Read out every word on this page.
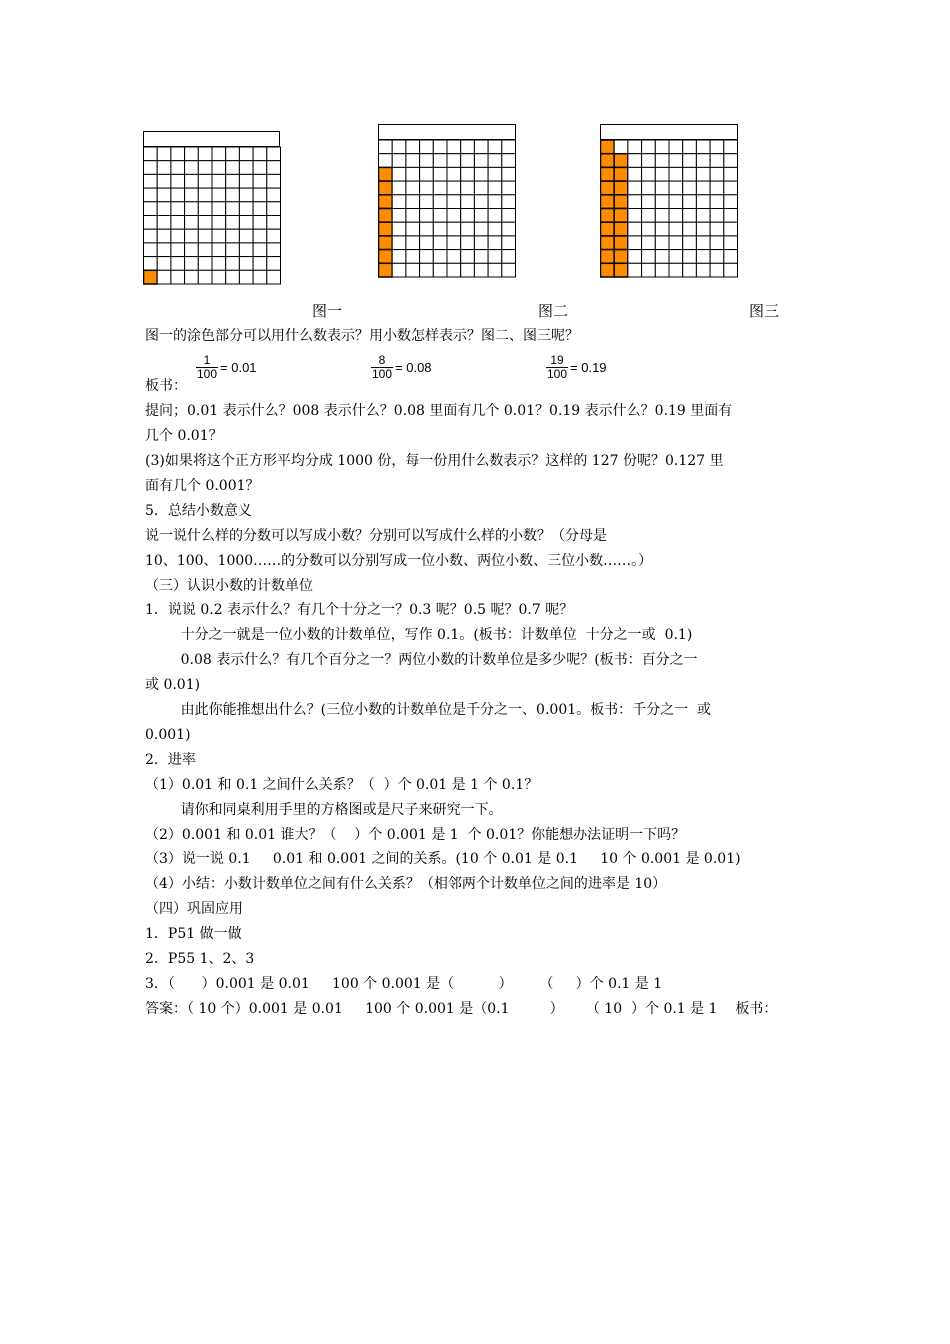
图一	图二	图三
$\frac{1}{100} = 0.01$	$\frac{8}{100} = 0.08$	$\frac{19}{100} = 0.19$
图一的涂色部分可以用什么数表示？用小数怎样表示？图二、图三呢？
板书：
提问；0.01 表示什么？008 表示什么？0.08 里面有几个 0.01？0.19 表示什么？0.19 里面有
几个 0.01？
(3)如果将这个正方形平均分成 1000 份，每一份用什么数表示？这样的 127 份呢？0.127 里
面有几个 0.001？
5．总结小数意义
说一说什么样的分数可以写成小数？分别可以写成什么样的小数？（分母是
10、100、1000……的分数可以分别写成一位小数、两位小数、三位小数……。）
（三）认识小数的计数单位
1．说说 0.2 表示什么？有几个十分之一？0.3 呢？0.5 呢？0.7 呢？
十分之一就是一位小数的计数单位，写作 0.1。(板书：计数单位  十分之一或  0.1)
0.08 表示什么？有几个百分之一？两位小数的计数单位是多少呢？(板书：百分之一
或 0.01)
由此你能推想出什么？(三位小数的计数单位是千分之一、0.001。板书：千分之一  或
0.001)
2．进率
（1）0.01 和 0.1 之间什么关系？（  ）个 0.01 是 1 个 0.1？
请你和同桌利用手里的方格图或是尺子来研究一下。
（2）0.001 和 0.01 谁大？（    ）个 0.001 是 1  个 0.01？你能想办法证明一下吗？
（3）说一说 0.1     0.01 和 0.001 之间的关系。(10 个 0.01 是 0.1     10 个 0.001 是 0.01)
（4）小结：小数计数单位之间有什么关系？（相邻两个计数单位之间的进率是 10）
（四）巩固应用
1．P51 做一做
2．P55 1、2、3
3．（      ）0.001 是 0.01     100 个 0.001 是（          ）      （     ）个 0.1 是 1
答案：（ 10 个）0.001 是 0.01     100 个 0.001 是（0.1         ）     （ 10  ）个 0.1 是 1    板书：
